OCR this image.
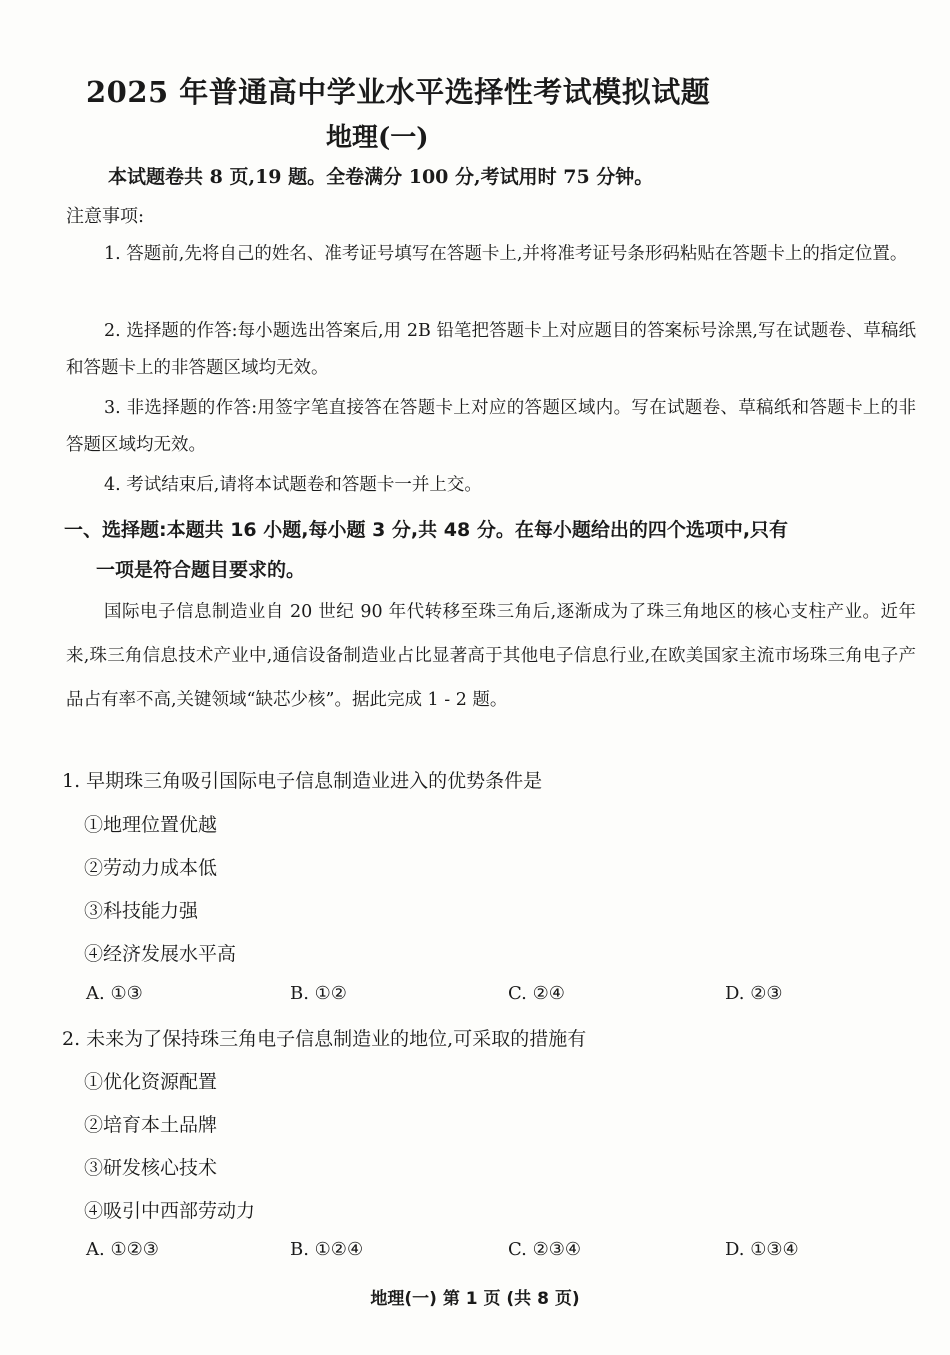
2025 年普通高中学业水平选择性考试模拟试题
地理(一)
本试题卷共 8 页,19 题。全卷满分 100 分,考试用时 75 分钟。
注意事项:
1. 答题前,先将自己的姓名、准考证号填写在答题卡上,并将准考证号条形码粘贴在答题卡上的指定位置。
2. 选择题的作答:每小题选出答案后,用 2B 铅笔把答题卡上对应题目的答案标号涂黑,写在试题卷、草稿纸和答题卡上的非答题区域均无效。
3. 非选择题的作答:用签字笔直接答在答题卡上对应的答题区域内。写在试题卷、草稿纸和答题卡上的非答题区域均无效。
4. 考试结束后,请将本试题卷和答题卡一并上交。
一、选择题:本题共 16 小题,每小题 3 分,共 48 分。在每小题给出的四个选项中,只有
一项是符合题目要求的。
国际电子信息制造业自 20 世纪 90 年代转移至珠三角后,逐渐成为了珠三角地区的核心支柱产业。近年来,珠三角信息技术产业中,通信设备制造业占比显著高于其他电子信息行业,在欧美国家主流市场珠三角电子产品占有率不高,关键领域“缺芯少核”。据此完成 1 - 2 题。
1. 早期珠三角吸引国际电子信息制造业进入的优势条件是
①地理位置优越
②劳动力成本低
③科技能力强
④经济发展水平高
A. ①③	B. ①②	C. ②④	D. ②③
2. 未来为了保持珠三角电子信息制造业的地位,可采取的措施有
①优化资源配置
②培育本土品牌
③研发核心技术
④吸引中西部劳动力
A. ①②③	B. ①②④	C. ②③④	D. ①③④
地理(一) 第 1 页 (共 8 页)
